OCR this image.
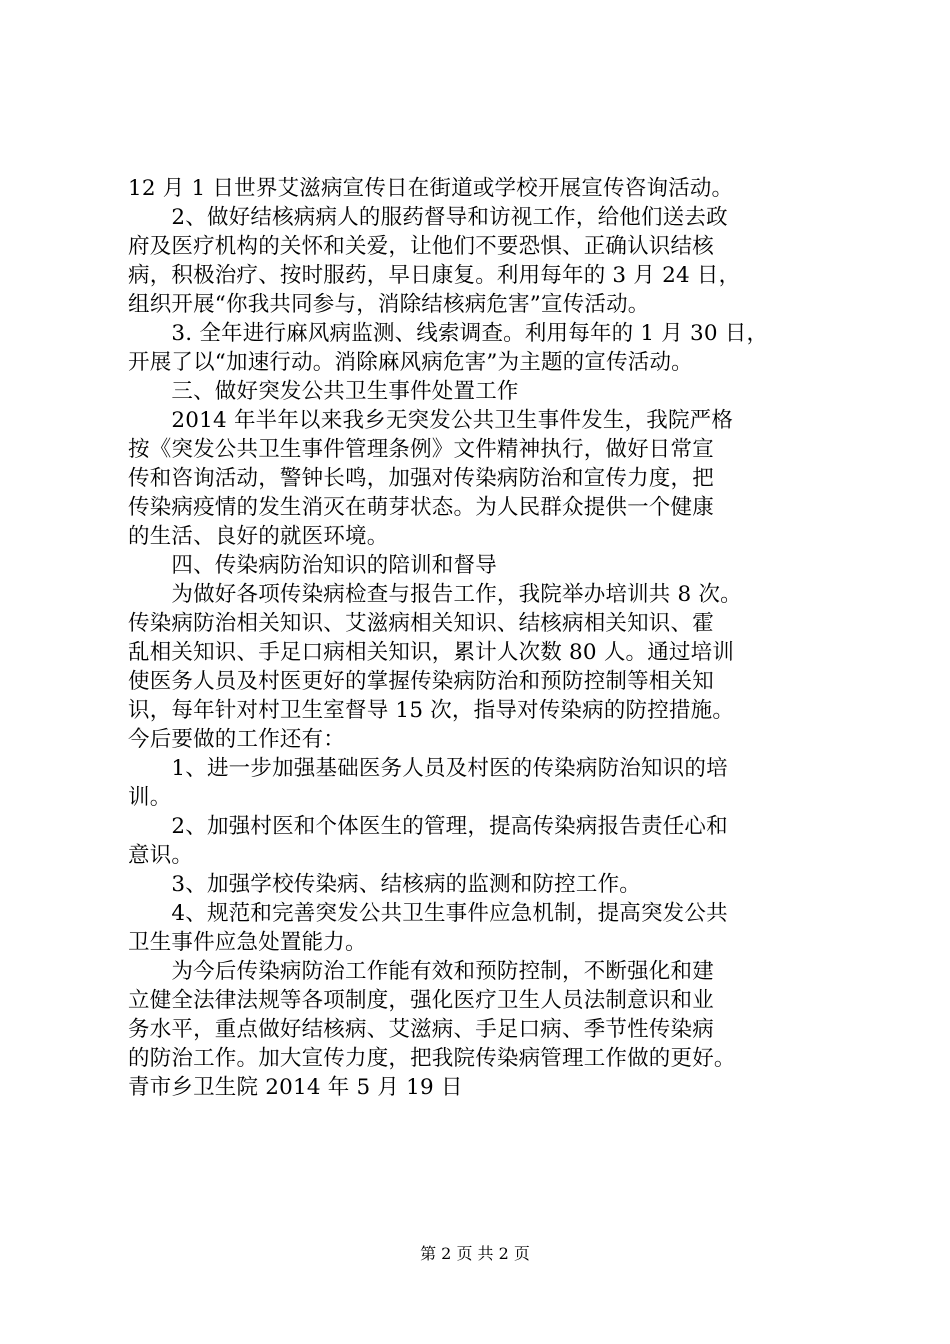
12 月 1 日世界艾滋病宣传日在街道或学校开展宣传咨询活动。
　　2、做好结核病病人的服药督导和访视工作，给他们送去政
府及医疗机构的关怀和关爱，让他们不要恐惧、正确认识结核
病，积极治疗、按时服药，早日康复。利用每年的 3 月 24 日，
组织开展“你我共同参与，消除结核病危害”宣传活动。
　　3. 全年进行麻风病监测、线索调查。利用每年的 1 月 30 日，
开展了以“加速行动。消除麻风病危害”为主题的宣传活动。
　　三、做好突发公共卫生事件处置工作
　　2014 年半年以来我乡无突发公共卫生事件发生，我院严格
按《突发公共卫生事件管理条例》文件精神执行，做好日常宣
传和咨询活动，警钟长鸣，加强对传染病防治和宣传力度，把
传染病疫情的发生消灭在萌芽状态。为人民群众提供一个健康
的生活、良好的就医环境。
　　四、传染病防治知识的陪训和督导
　　为做好各项传染病检查与报告工作，我院举办培训共 8 次。
传染病防治相关知识、艾滋病相关知识、结核病相关知识、霍
乱相关知识、手足口病相关知识，累计人次数 80 人。通过培训
使医务人员及村医更好的掌握传染病防治和预防控制等相关知
识，每年针对村卫生室督导 15 次，指导对传染病的防控措施。
今后要做的工作还有：
　　1、进一步加强基础医务人员及村医的传染病防治知识的培
训。
　　2、加强村医和个体医生的管理，提高传染病报告责任心和
意识。
　　3、加强学校传染病、结核病的监测和防控工作。
　　4、规范和完善突发公共卫生事件应急机制，提高突发公共
卫生事件应急处置能力。
　　为今后传染病防治工作能有效和预防控制，不断强化和建
立健全法律法规等各项制度，强化医疗卫生人员法制意识和业
务水平，重点做好结核病、艾滋病、手足口病、季节性传染病
的防治工作。加大宣传力度，把我院传染病管理工作做的更好。
青市乡卫生院 2014 年 5 月 19 日
第 2 页 共 2 页
